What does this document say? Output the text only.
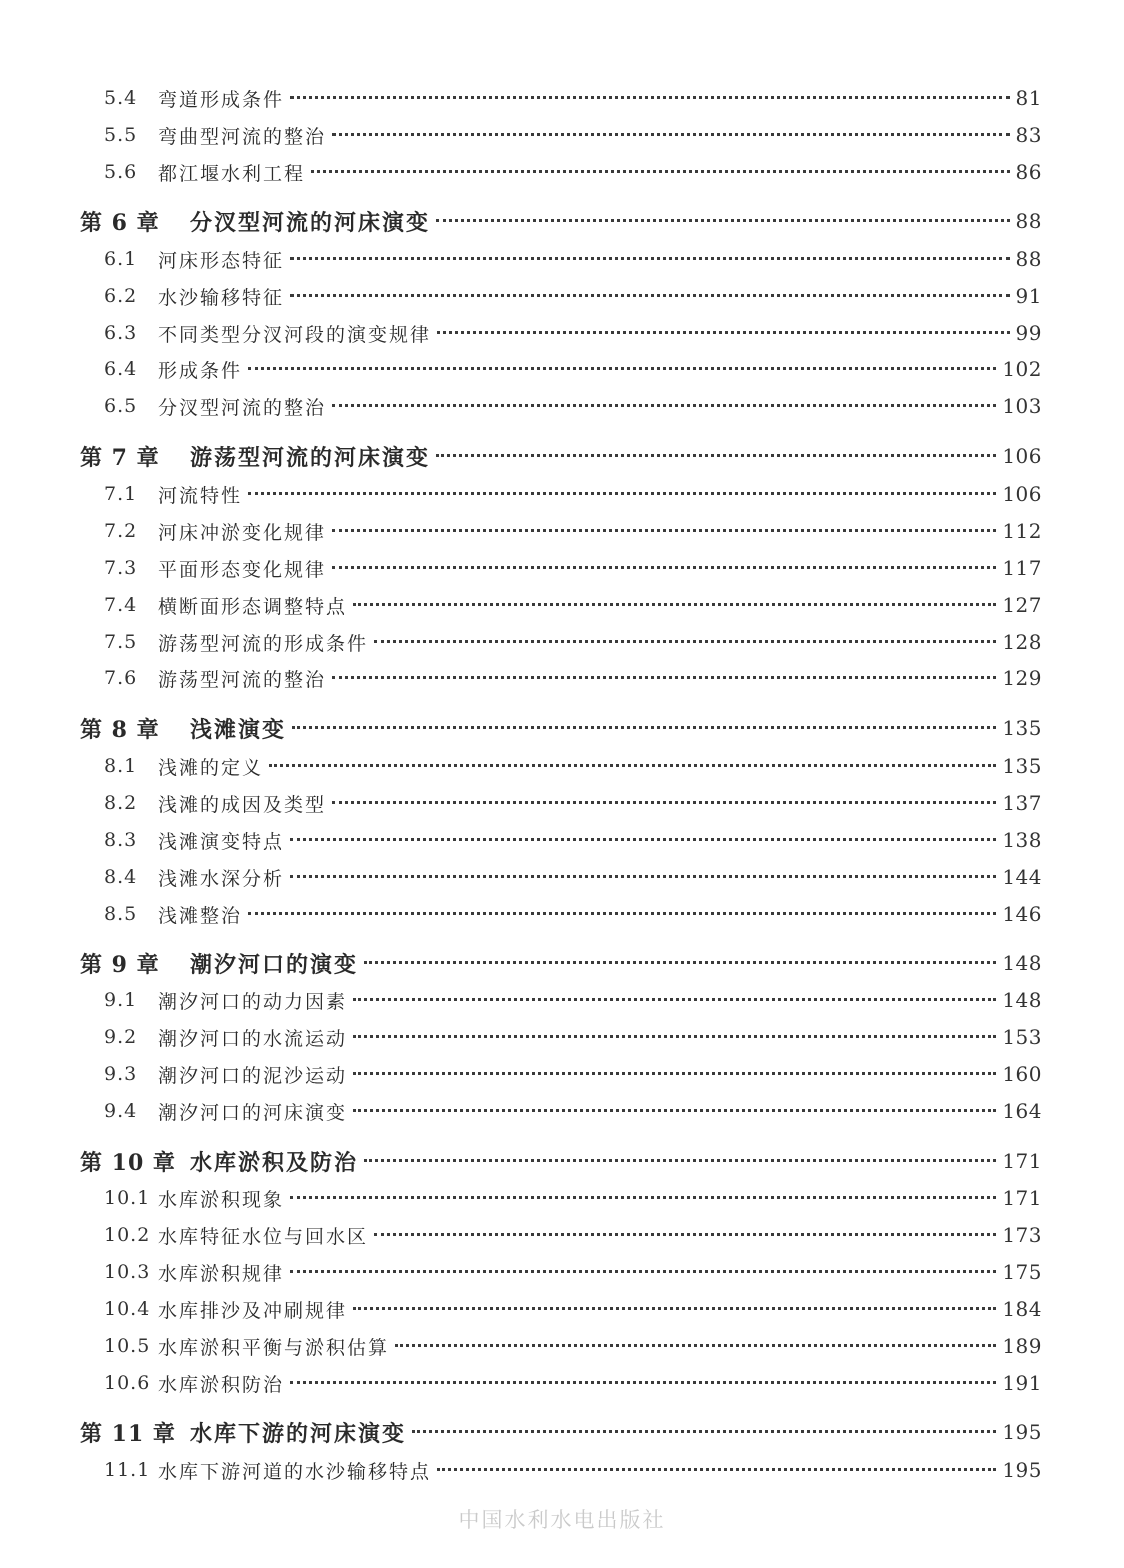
5.4	弯道形成条件	81
5.5	弯曲型河流的整治	83
5.6	都江堰水利工程	86
第 6 章	分汊型河流的河床演变	88
6.1	河床形态特征	88
6.2	水沙输移特征	91
6.3	不同类型分汊河段的演变规律	99
6.4	形成条件	102
6.5	分汊型河流的整治	103
第 7 章	游荡型河流的河床演变	106
7.1	河流特性	106
7.2	河床冲淤变化规律	112
7.3	平面形态变化规律	117
7.4	横断面形态调整特点	127
7.5	游荡型河流的形成条件	128
7.6	游荡型河流的整治	129
第 8 章	浅滩演变	135
8.1	浅滩的定义	135
8.2	浅滩的成因及类型	137
8.3	浅滩演变特点	138
8.4	浅滩水深分析	144
8.5	浅滩整治	146
第 9 章	潮汐河口的演变	148
9.1	潮汐河口的动力因素	148
9.2	潮汐河口的水流运动	153
9.3	潮汐河口的泥沙运动	160
9.4	潮汐河口的河床演变	164
第 10 章 水库淤积及防治	171
10.1 水库淤积现象	171
10.2 水库特征水位与回水区	173
10.3 水库淤积规律	175
10.4 水库排沙及冲刷规律	184
10.5 水库淤积平衡与淤积估算	189
10.6 水库淤积防治	191
第 11 章 水库下游的河床演变	195
11.1 水库下游河道的水沙输移特点	195
中国水利水电出版社
